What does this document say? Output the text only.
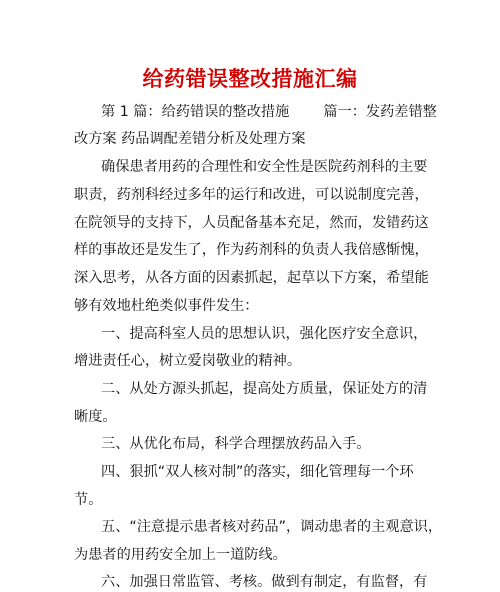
给药错误整改措施汇编
第 1 篇：给药错误的整改措施 篇一：发药差错整
改方案 药品调配差错分析及处理方案
确保患者用药的合理性和安全性是医院药剂科的主要
职责，药剂科经过多年的运行和改进，可以说制度完善，
在院领导的支持下，人员配备基本充足，然而，发错药这
样的事故还是发生了，作为药剂科的负责人我倍感惭愧，
深入思考，从各方面的因素抓起，起草以下方案，希望能
够有效地杜绝类似事件发生：
一、提高科室人员的思想认识，强化医疗安全意识，
增进责任心，树立爱岗敬业的精神。
二、从处方源头抓起，提高处方质量，保证处方的清
晰度。
三、从优化布局，科学合理摆放药品入手。
四、狠抓“双人核对制”的落实，细化管理每一个环
节。
五、“注意提示患者核对药品”，调动患者的主观意识，
为患者的用药安全加上一道防线。
六、加强日常监管、考核。做到有制定，有监督，有
